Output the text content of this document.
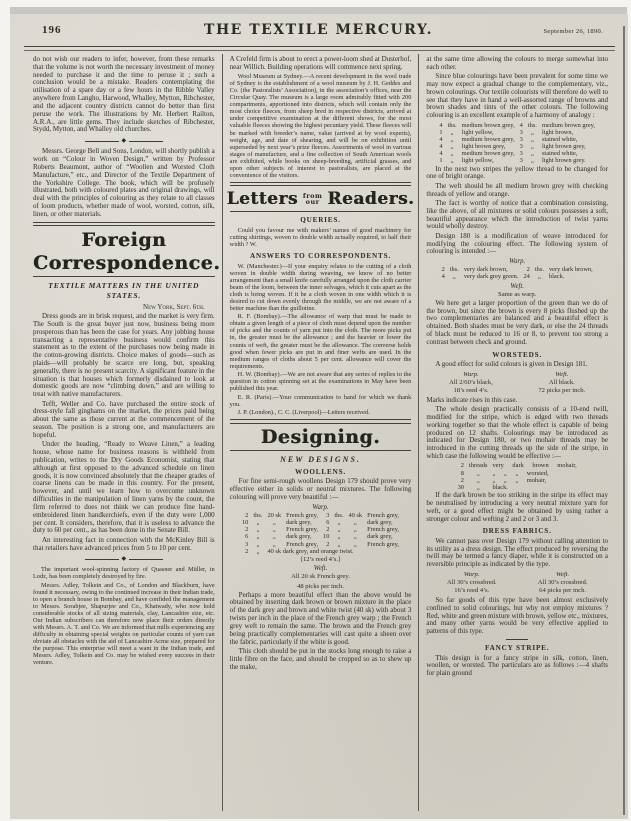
196	THE TEXTILE MERCURY.	September 26, 1890.

do not wish our readers to infer, however, from these remarks that the volume is not worth the necessary investment of money needed to purchase it and the time to peruse it ; such a conclusion would be a mistake. Readers contemplating the utilisation of a spare day or a few hours in the Ribble Valley anywhere from Langho, Harwood, Whalley, Mytton, Ribchester, and the adjacent country districts cannot do better than first peruse the work. The illustrations by Mr. Herbert Railton, A.R.A., are little gems. They include sketches of Ribchester, Stydd, Mytton, and Whalley old churches.

◆

Messrs. George Bell and Sons, London, will shortly publish a work on “Colour in Woven Design,” written by Professor Roberts Beaumont, author of “Woollen and Worsted Cloth Manufacture,” etc., and Director of the Textile Department of the Yorkshire College. The book, which will be profusely illustrated, both with coloured plates and original drawings, will deal with the principles of colouring as they relate to all classes of loom products, whether made of wool, worsted, cotton, silk, linen, or other materials.

Foreign
Correspondence.

TEXTILE MATTERS IN THE UNITED STATES.

New York, Sept. 6th.

Dress goods are in brisk request, and the market is very firm. The South is the great buyer just now, business being more prosperous than has been the case for years. Any jobbing house transacting a representative business would confirm this statement as to the extent of the purchases now being made in the cotton-growing districts. Choice makes of goods—such as plaids—will probably be scarce ere long, but, speaking generally, there is no present scarcity. A significant feature in the situation is that houses which formerly disdained to look at domestic goods are now “climbing down,” and are willing to treat with native manufacturers.

Tefft, Weller and Co. have purchased the entire stock of dress-style fall ginghams on the market, the prices paid being about the same as those current at the commencement of the season. The position is a strong one, and manufacturers are hopeful.

Under the heading, “Ready to Weave Linen,” a leading house, whose name for business reasons is withheld from publication, writes to the Dry Goods Economist, stating that although at first opposed to the advanced schedule on linen goods, it is now convinced absolutely that the cheaper grades of coarse linens can be made in this country. For the present, however, and until we learn how to overcome unknown difficulties in the manipulation of linen yarns by the count, the firm referred to does not think we can produce fine hand-embroidered linen handkerchiefs, even if the duty were 1,000 per cent. It considers, therefore, that it is useless to advance the duty to 60 per cent., as has been done in the Senate Bill.

An interesting fact in connection with the McKinley Bill is that retailers have advanced prices from 5 to 10 per cent.

◆

The important wool-spinning factory of Quasner and Müller, in Lodz, has been completely destroyed by fire.

Messrs. Adley, Tolkein and Co., of London and Blackburn, have found it necessary, owing to the continued increase in their Indian trade, to open a branch house in Bombay, and have confided the management to Messrs. Sorabjee, Shapurjee and Co., Khatwady, who now hold considerable stocks of all sizing materials, clay, Lancashire size, etc. Our Indian subscribers can therefore now place their orders directly with Messrs. A. T. and Co. We are informed that mills experiencing any difficulty in obtaining special weights on particular counts of yarn can obviate all obstacles with the aid of Lancashire Acme size, prepared for the purpose. This enterprise will meet a want in the Indian trade, and Messrs. Adley, Tolkein and Co. may be wished every success in their venture.

A Crefeld firm is about to erect a power-loom shed at Dusterhof, near Willich. Building operations will commence next spring.

Wool Museum at Sydney.—A recent development in the wool trade of Sydney is the establishment of a wool museum by J. H. Geddes and Co. (the Pastoralists’ Association), in the association’s offices, near the Circular Quay. The museum is a large room admirably fitted with 200 compartments, apportioned into districts, which will contain only the most choice fleeces, from sheep bred in respective districts, arrived at under competitive examination at the different shows, for the most valuable fleeces showing the highest pecuniary yield. These fleeces will be marked with breeder’s name, value (arrived at by wool experts), weight, age, and date of shearing, and will be on exhibition until superseded by next year’s prize fleeces. Assortments of wool in various stages of manufacture, and a fine collection of South American wools are exhibited, while books on sheep-breeding, artificial grasses, and upon other subjects of interest to pastoralists, are placed at the convenience of the visitors.

Letters from
our Readers.

QUERIES.

Could you favour me with makers’ names of good machinery for cutting shirtings, woven to double width actually required, to half their width ? W.

ANSWERS TO CORRESPONDENTS.

W. (Manchester.)—If your enquiry relates to the cutting of a cloth woven in double width during weaving, we know of no better arrangement than a small knife carefully arranged upon the cloth carrier beam of the loom, between the inner selvages, which it cuts apart as the cloth is being woven. If it be a cloth woven in one width which it is desired to cut down evenly through the middle, we are not aware of a better machine than the guillotine.

R. F. (Bombay).—The allowance of warp that must be made to obtain a given length of a piece of cloth must depend upon the number of picks and the counts of yarn put into the cloth. The more picks put in, the greater must be the allowance ; and the heavier or lower the counts of weft, the greater must be the allowance. The converse holds good when fewer picks are put in and finer wefts are used. In the medium ranges of cloths about 5 per cent. allowance will cover the requirements.

H. W. (Bombay).—We are not aware that any series of replies to the question in cotton spinning set at the examinations in May have been published this year.

E. R. (Paris).—Your communication to hand for which we thank you.

J. P. (London)., C. C. (Liverpool)—Letters received.

Designing.

NEW DESIGNS.

WOOLLENS.

For fine semi-rough woollens Design 179 should prove very effective either in solids or neutral mixtures. The following colouring will prove very beautiful :—

Warp.

2	ths.	20 sk	French grey,	3	ths.	40 sk	French grey,
10	„	„	dark grey,	6	„	„	dark grey,
2	„	„	French grey,	2	„	„	French grey,
6	„	„	dark grey,	10	„	„	dark grey,
3	„	„	French grey,	2	„	„	French grey,
2	„	40 sk dark grey, and orange twist.					

[12’s reed 4’s.]

Weft.

All 20 sk French grey.

48 picks per inch.

Perhaps a more beautiful effect than the above would be obtained by inserting dark brown or brown mixture in the place of the dark grey and brown and white twist (40 sk) with about 3 twists per inch in the place of the French grey warp ; the French grey weft to remain the same. The brown and the French grey being practically complementaries will cast quite a sheen over the fabric, particularly if the white is good.

This cloth should be put in the stocks long enough to raise a little fibre on the face, and should be cropped so as to shew up the make,

at the same time allowing the colours to merge somewhat into each other.

Since blue colourings have been prevalent for some time we may now expect a gradual change to the complementary, viz., brown colourings. Our textile colourists will therefore do well to see that they have in hand a well-assorted range of browns and brown shades and tints of the other colours. The following colouring is an excellent example of a harmony of analogy :

4	ths.	medium brown grey,	4	ths.	medium brown grey,
1	„	light yellow,	3	„	light brown,
4	„	medium brown grey,	3	„	stained white,
4	„	light brown grey,	3	„	light brown grey,
4	„	medium brown grey,	3	„	stained white,
1	„	light yellow,	3	„	light brown grey.

In the next two stripes the yellow thread to be changed for one of bright orange.

The weft should be all medium brown grey with checking threads of yellow and orange.

The fact is worthy of notice that a combination consisting, like the above, of all mixtures or solid colours possesses a soft, beautiful appearance which the introduction of twist yarns would wholly destroy.

Design 180 is a modification of weave introduced for modifying the colouring effect. The following system of colouring is intended :—

Warp.

2	ths.	very dark brown,	2	ths.	very dark brown,
4	„	very dark grey green.	24	„	black.

Weft.

Same as warp.

We here get a larger proportion of the green than we do of the brown, but since the brown is every 8 picks flushed up the two complementaries are balanced and a beautiful effect is obtained. Both shades must be very dark, or else the 24 threads of black must be reduced to 16 or 8, to prevent too strong a contrast between check and ground.

WORSTEDS.

A good effect for solid colours is given in Design 181.

Warp.
All 2/60’s black,
18’s reed 4’s.
Weft.
All black.
72 picks per inch.

Marks indicate rises in this case.

The whole design practically consists of a 10-end twill, modified for the stripe, which is edged with two threads working together so that the whole effect is capable of being produced on 12 shafts. Colourings may be introduced as indicated for Design 180, or two mohair threads may be introduced in the cutting threads up the side of the stripe, in which case the following would be effective :—

2	threads	very dark brown mohair,
8	„	„ „ „ worsted,
2	„	„ „ „ mohair,
30	„	black.

If the dark brown be too striking in the stripe its effect may be neutralised by introducing a very neutral mixture yarn for weft, or a good effect might be obtained by using rather a stronger colour and wefting 2 and 2 or 3 and 3.

DRESS FABRICS.

We cannot pass over Design 179 without calling attention to its utility as a dress design. The effect produced by reversing the twill may be termed a fancy diaper, while it is constructed on a reversible principle as indicated by the type.

Warp.
All 30’s crossbred.
16’s reed 4’s.
Weft.
All 30’s crossbred.
64 picks per inch.

So far goods of this type have been almost exclusively confined to solid colourings, but why not employ mixtures ? Red, white and green mixture with brown, yellow etc., mixtures, and many other yarns would be very effective applied to patterns of this type.

FANCY STRIPE.

This design is for a fancy stripe in silk, cotton, linen, woollen, or worsted. The particulars are as follows :—4 shafts for plain ground
